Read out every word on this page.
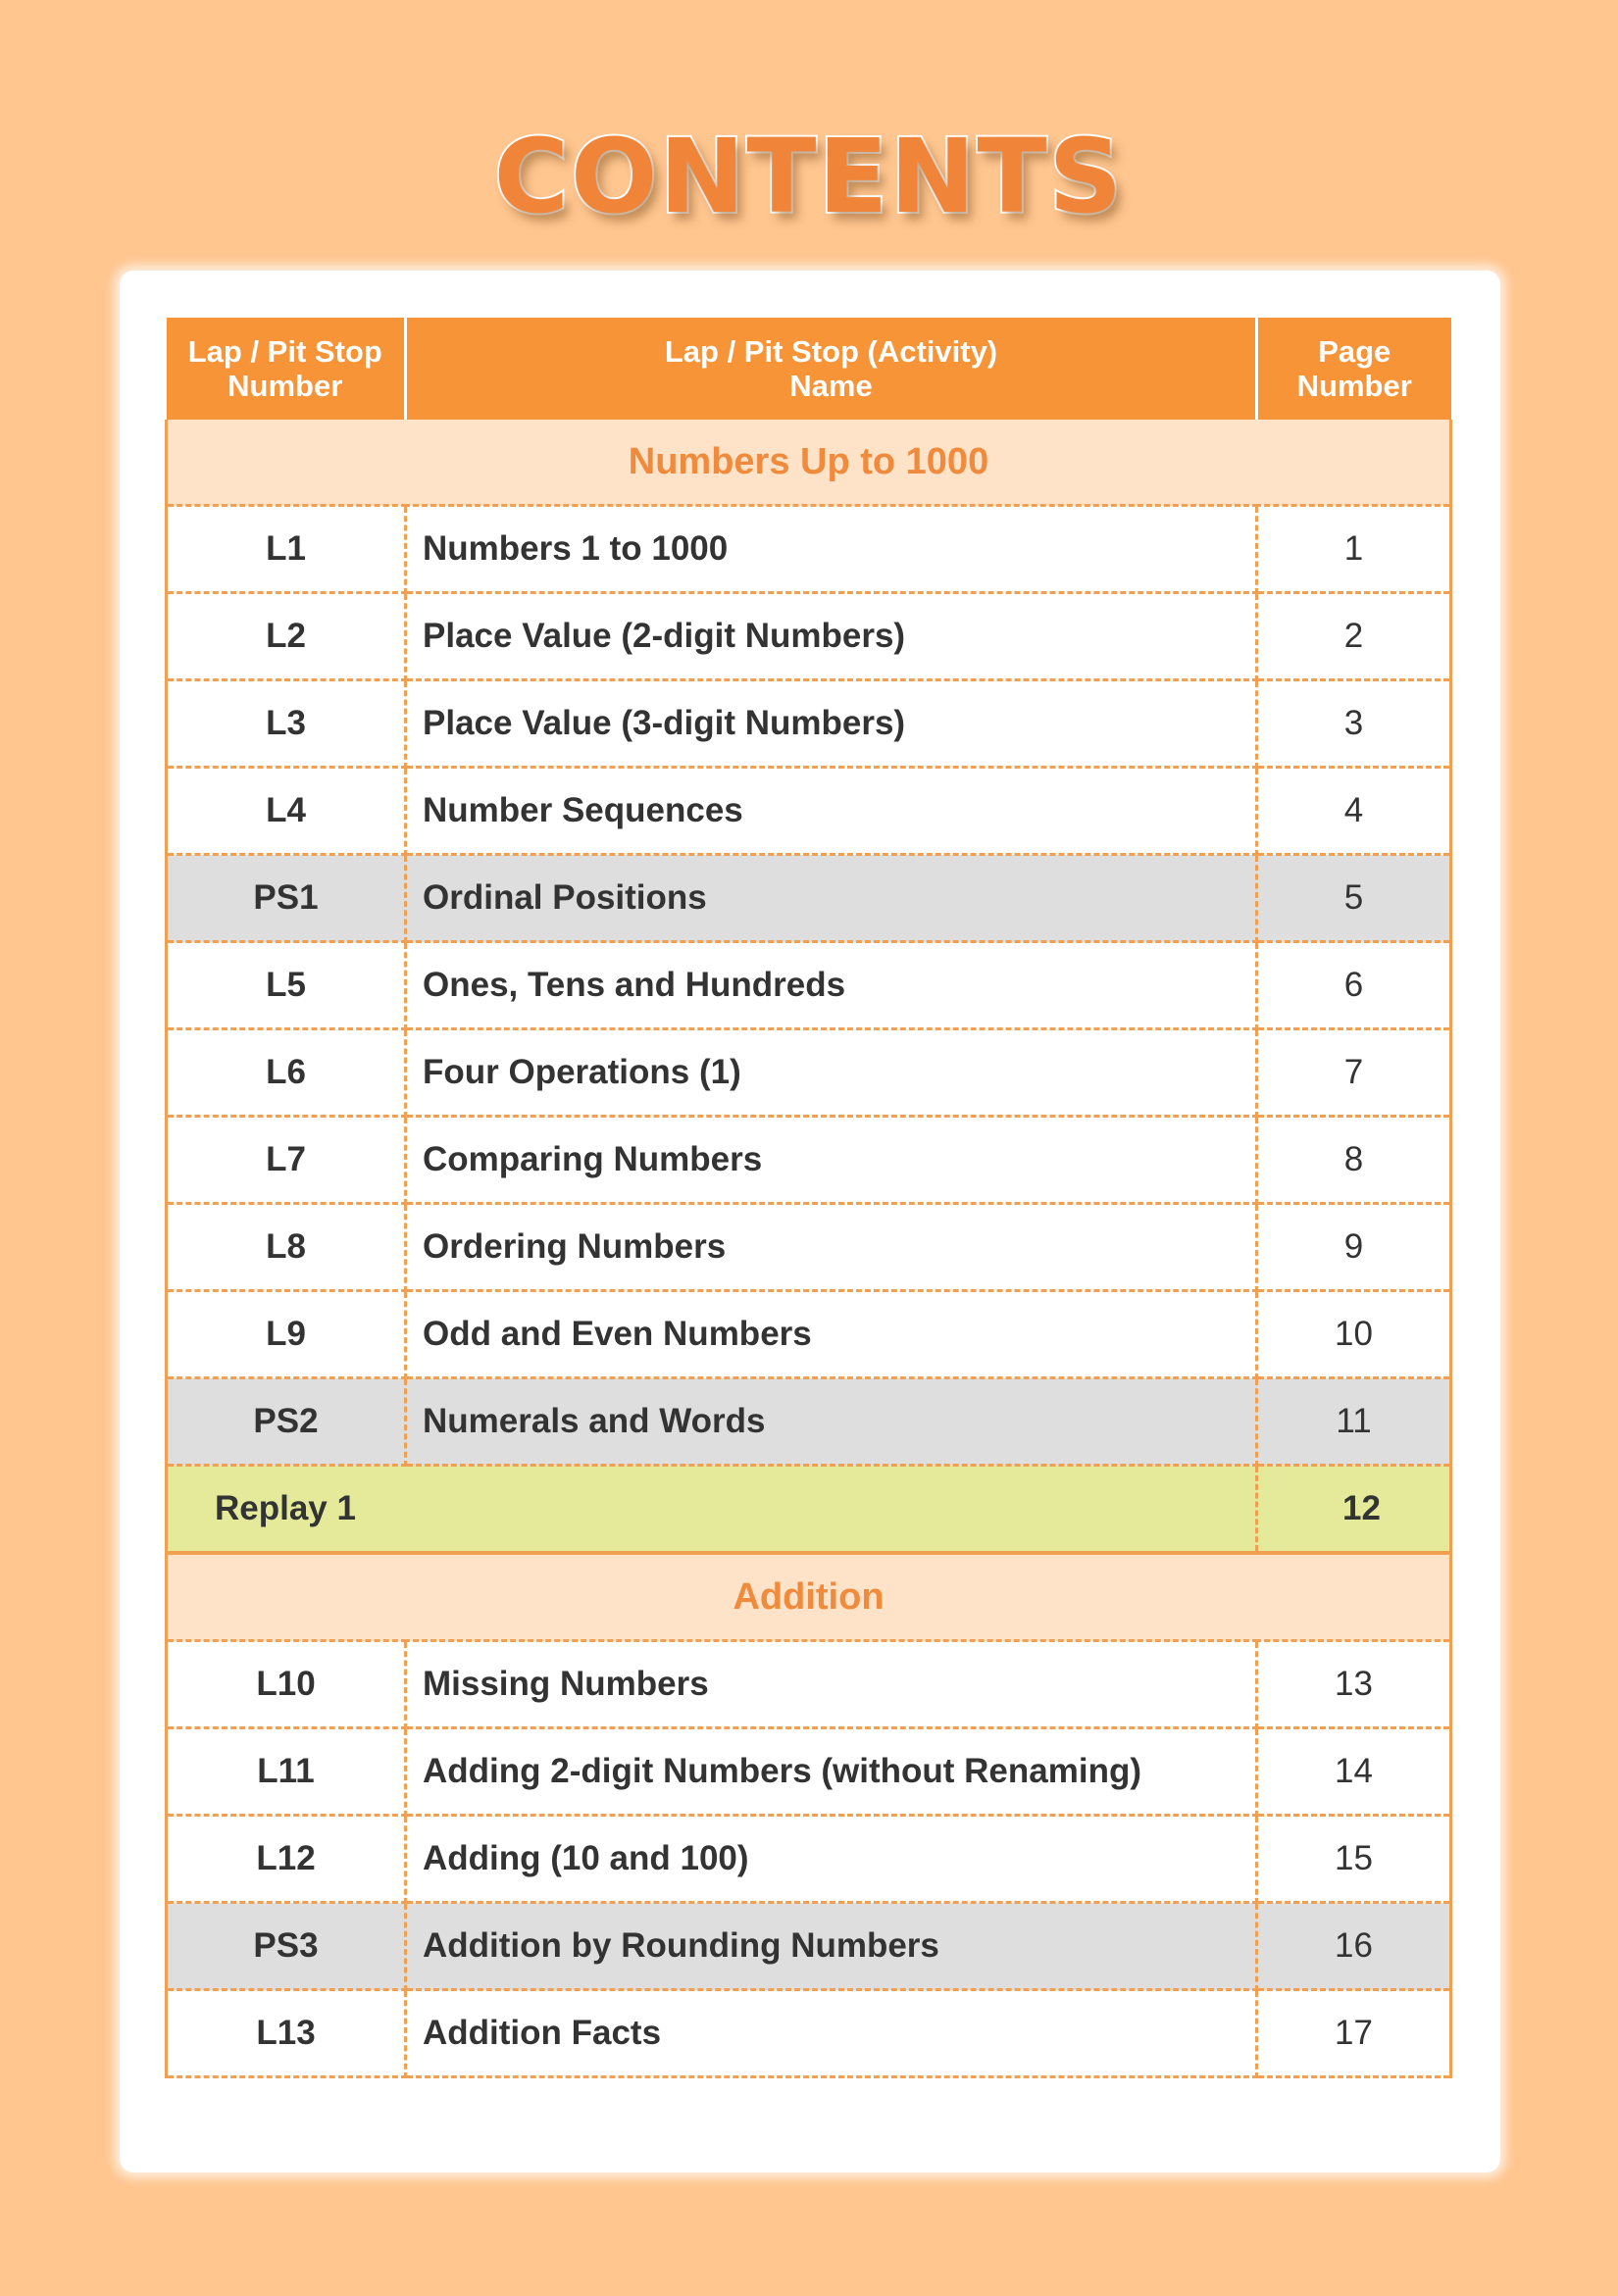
CONTENTS
Lap / Pit Stop
Number

Lap / Pit Stop (Activity)
Name

Page
Number

Numbers Up to 1000		
L1	Numbers 1 to 1000	1
L2	Place Value (2-digit Numbers)	2
L3	Place Value (3-digit Numbers)	3
L4	Number Sequences	4
PS1	Ordinal Positions	5
L5	Ones, Tens and Hundreds	6
L6	Four Operations (1)	7
L7	Comparing Numbers	8
L8	Ordering Numbers	9
L9	Odd and Even Numbers	10
PS2	Numerals and Words	11
Replay 1		12
Addition		
L10	Missing Numbers	13
L11	Adding 2-digit Numbers (without Renaming)	14
L12	Adding (10 and 100)	15
PS3	Addition by Rounding Numbers	16
L13	Addition Facts	17
